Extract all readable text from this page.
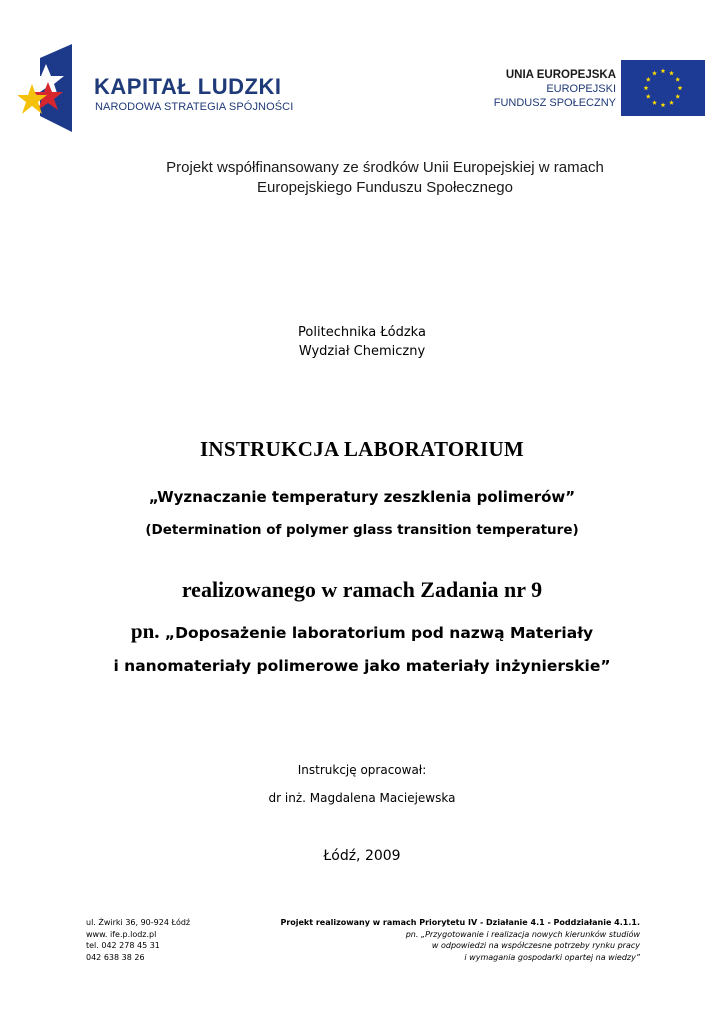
KAPITAŁ LUDZKI
NARODOWA STRATEGIA SPÓJNOŚCI
UNIA EUROPEJSKA
EUROPEJSKI
FUNDUSZ SPOŁECZNY
Projekt współfinansowany ze środków Unii Europejskiej w ramach
Europejskiego Funduszu Społecznego
Politechnika Łódzka
Wydział Chemiczny
INSTRUKCJA LABORATORIUM
„Wyznaczanie temperatury zeszklenia polimerów”
(Determination of polymer glass transition temperature)
realizowanego w ramach Zadania nr 9
pn. „Doposażenie laboratorium pod nazwą Materiały
i nanomateriały polimerowe jako materiały inżynierskie”
Instrukcję opracował:
dr inż. Magdalena Maciejewska
Łódź, 2009
ul. Żwirki 36, 90-924 Łódź
www. ife.p.lodz.pl
tel. 042 278 45 31
042 638 38 26
Projekt realizowany w ramach Priorytetu IV - Działanie 4.1 - Poddziałanie 4.1.1.
pn. „Przygotowanie i realizacja nowych kierunków studiów
w odpowiedzi na współczesne potrzeby rynku pracy
i wymagania gospodarki opartej na wiedzy”
